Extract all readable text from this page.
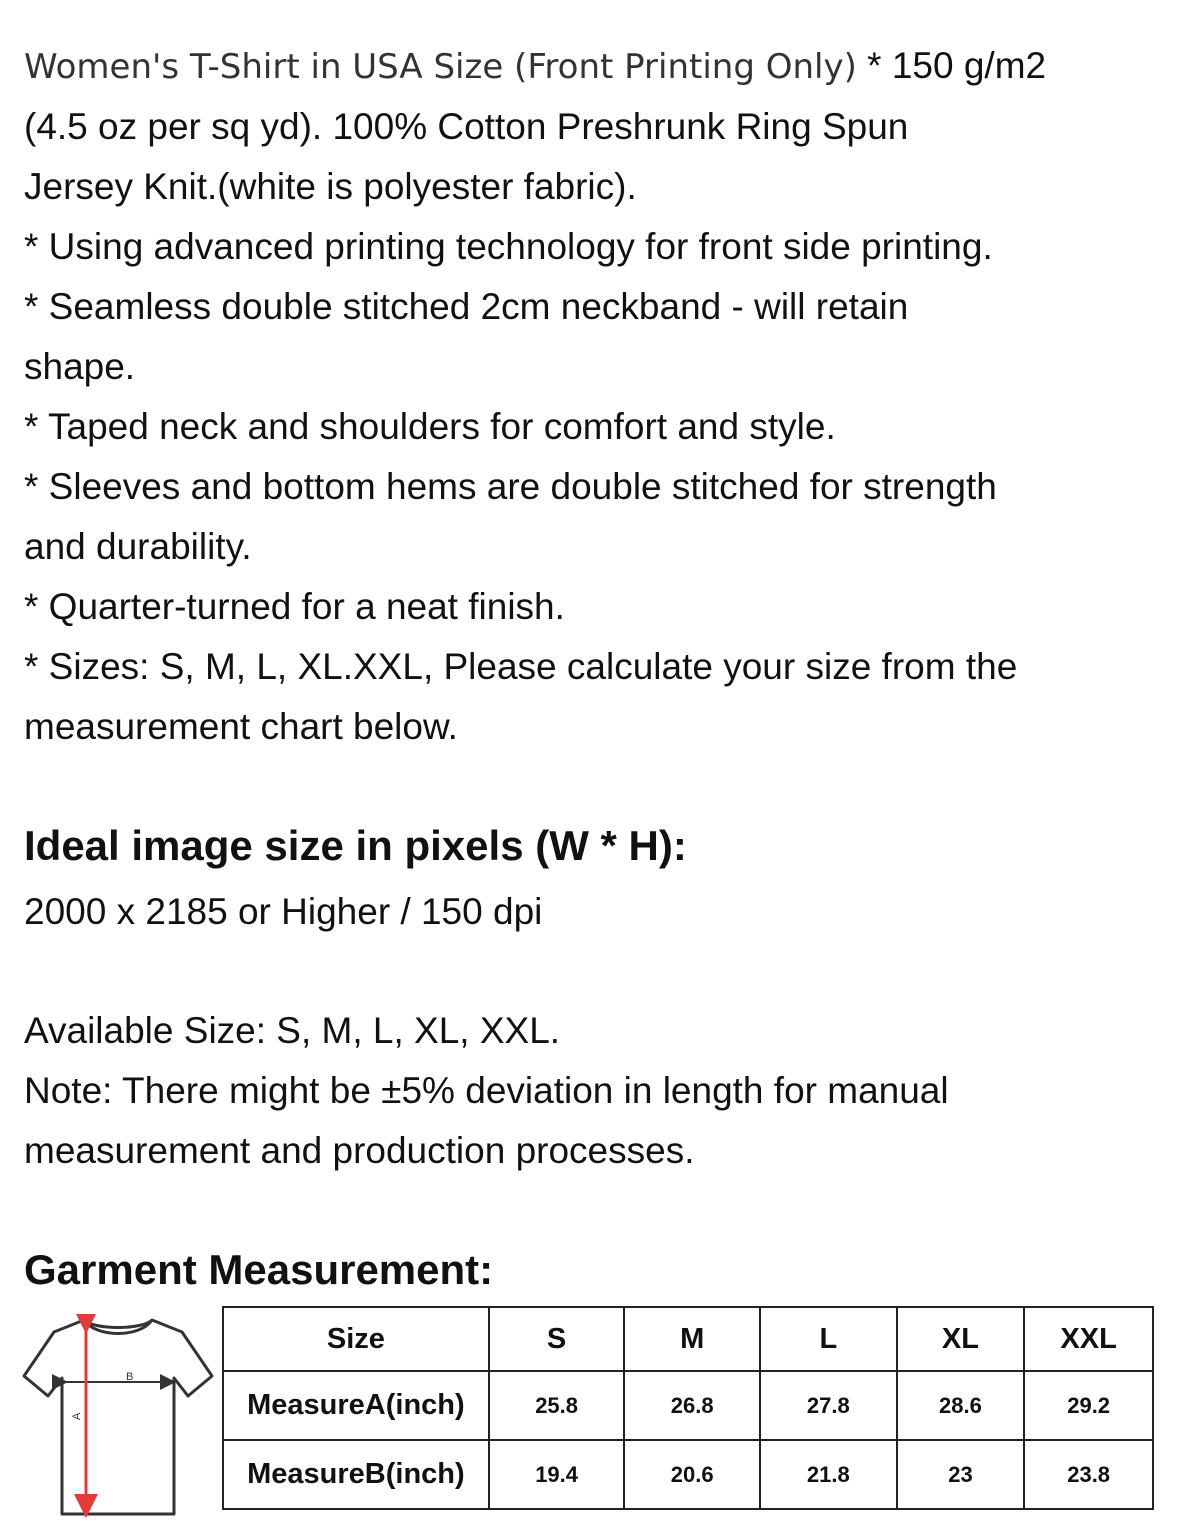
Women's T-Shirt in USA Size (Front Printing Only) * 150 g/m2
(4.5 oz per sq yd). 100% Cotton Preshrunk Ring Spun
Jersey Knit.(white is polyester fabric).
* Using advanced printing technology for front side printing.
* Seamless double stitched 2cm neckband - will retain
shape.
* Taped neck and shoulders for comfort and style.
* Sleeves and bottom hems are double stitched for strength
and durability.
* Quarter-turned for a neat finish.
* Sizes: S, M, L, XL.XXL, Please calculate your size from the
measurement chart below.
Ideal image size in pixels (W * H):
2000 x 2185 or Higher / 150 dpi
Available Size: S, M, L, XL, XXL.
Note: There might be ±5% deviation in length for manual
measurement and production processes.
Garment Measurement:
B
A
Size	S	M	L	XL	XXL
MeasureA(inch)	25.8	26.8	27.8	28.6	29.2
MeasureB(inch)	19.4	20.6	21.8	23	23.8
